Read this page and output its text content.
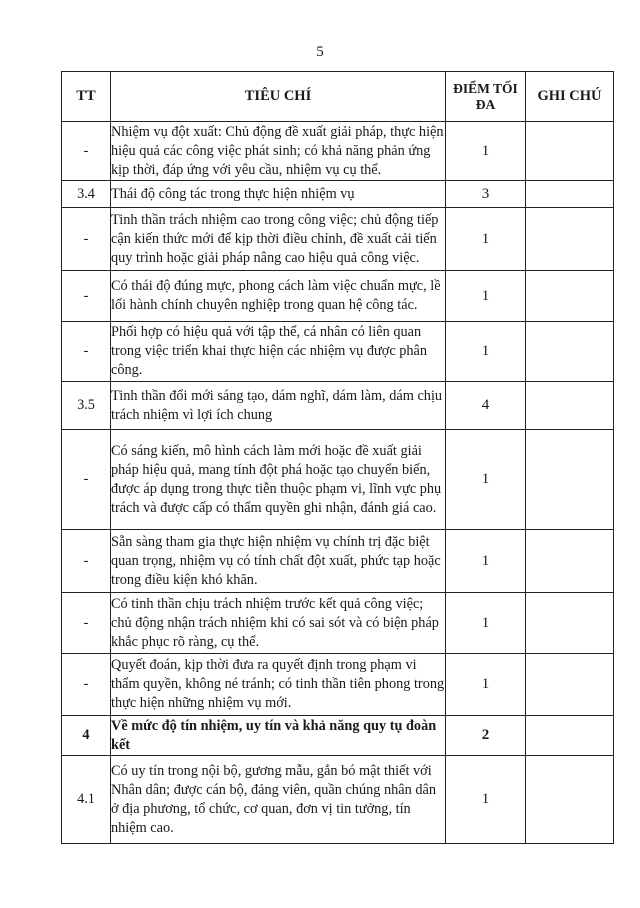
5
TT	TIÊU CHÍ	ĐIỂM TỐI ĐA	GHI CHÚ
-	Nhiệm vụ đột xuất: Chủ động đề xuất giải pháp, thực hiện hiệu quả các công việc phát sinh; có khả năng phản ứng kịp thời, đáp ứng với yêu cầu, nhiệm vụ cụ thể.	1	
3.4	Thái độ công tác trong thực hiện nhiệm vụ	3	
-	Tinh thần trách nhiệm cao trong công việc; chủ động tiếp cận kiến thức mới để kịp thời điều chỉnh, đề xuất cải tiến quy trình hoặc giải pháp nâng cao hiệu quả công việc.	1	
-	Có thái độ đúng mực, phong cách làm việc chuẩn mực, lề lối hành chính chuyên nghiệp trong quan hệ công tác.	1	
-	Phối hợp có hiệu quả với tập thể, cá nhân có liên quan trong việc triển khai thực hiện các nhiệm vụ được phân công.	1	
3.5	Tinh thần đổi mới sáng tạo, dám nghĩ, dám làm, dám chịu trách nhiệm vì lợi ích chung	4	
-	Có sáng kiến, mô hình cách làm mới hoặc đề xuất giải pháp hiệu quả, mang tính đột phá hoặc tạo chuyển biến, được áp dụng trong thực tiễn thuộc phạm vi, lĩnh vực phụ trách và được cấp có thẩm quyền ghi nhận, đánh giá cao.	1	
-	Sẵn sàng tham gia thực hiện nhiệm vụ chính trị đặc biệt quan trọng, nhiệm vụ có tính chất đột xuất, phức tạp hoặc trong điều kiện khó khăn.	1	
-	Có tinh thần chịu trách nhiệm trước kết quả công việc; chủ động nhận trách nhiệm khi có sai sót và có biện pháp khắc phục rõ ràng, cụ thể.	1	
-	Quyết đoán, kịp thời đưa ra quyết định trong phạm vi thẩm quyền, không né tránh; có tinh thần tiên phong trong thực hiện những nhiệm vụ mới.	1	
4	Về mức độ tín nhiệm, uy tín và khả năng quy tụ đoàn kết	2	
4.1	Có uy tín trong nội bộ, gương mẫu, gắn bó mật thiết với Nhân dân; được cán bộ, đảng viên, quần chúng nhân dân ở địa phương, tổ chức, cơ quan, đơn vị tin tưởng, tín nhiệm cao.	1	
